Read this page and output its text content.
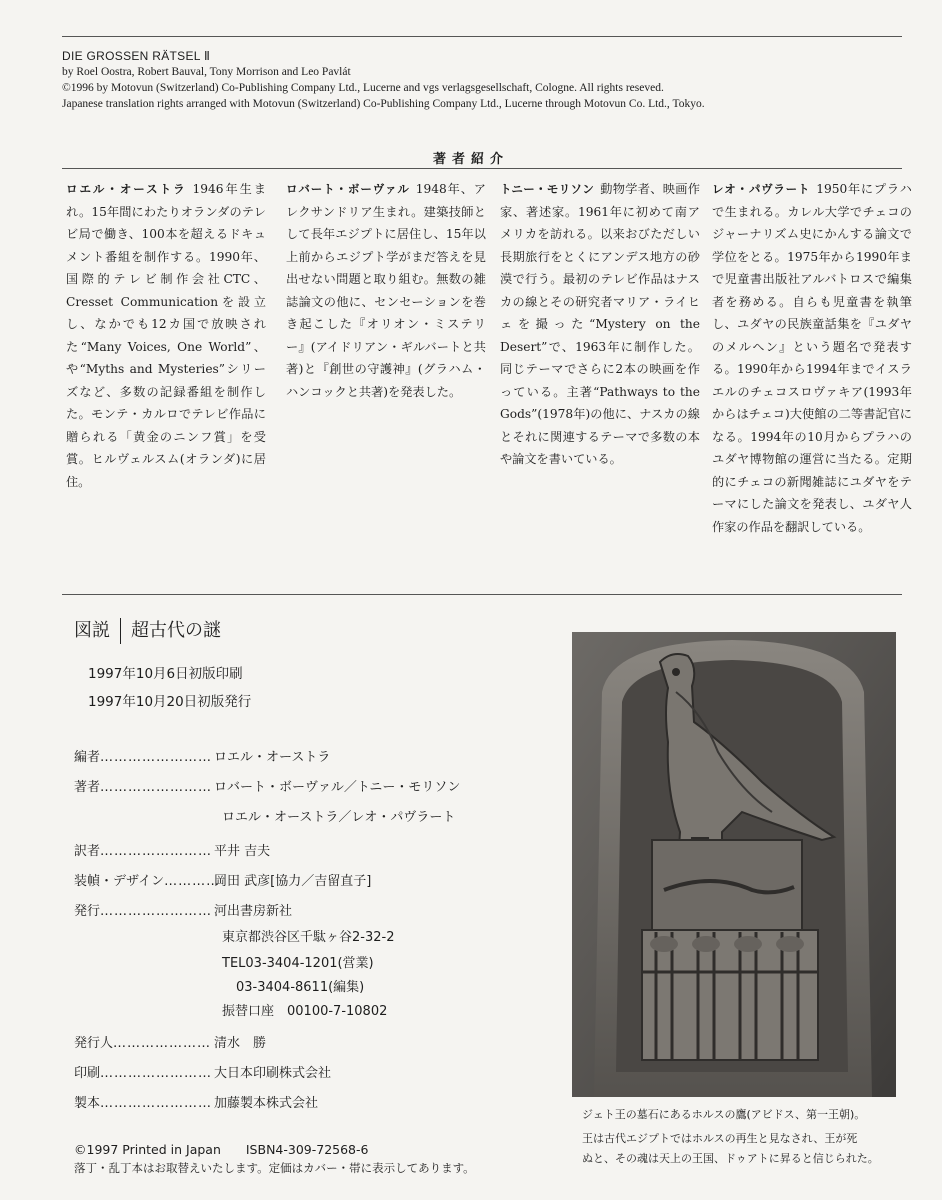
DIE GROSSEN RÄTSEL Ⅱ
by Roel Oostra, Robert Bauval, Tony Morrison and Leo Pavlát
©1996 by Motovun (Switzerland) Co-Publishing Company Ltd., Lucerne and vgs verlagsgesellschaft, Cologne. All rights reseved.
Japanese translation rights arranged with Motovun (Switzerland) Co-Publishing Company Ltd., Lucerne through Motovun Co. Ltd., Tokyo.
著者紹介
ロエル・オーストラ 1946年生まれ。15年間にわたりオランダのテレビ局で働き、100本を超えるドキュメント番組を制作する。1990年、国際的テレビ制作会社CTC、Cresset Communicationを設立し、なかでも12カ国で放映された“Many Voices, One World”、や“Myths and Mysteries”シリーズなど、多数の記録番組を制作した。モンテ・カルロでテレビ作品に贈られる「黄金のニンフ賞」を受賞。ヒルヴェルスム(オランダ)に居住。
ロバート・ボーヴァル 1948年、アレクサンドリア生まれ。建築技師として長年エジプトに居住し、15年以上前からエジプト学がまだ答えを見出せない問題と取り組む。無数の雑誌論文の他に、センセーションを巻き起こした『オリオン・ミステリー』(アイドリアン・ギルバートと共著)と『創世の守護神』(グラハム・ハンコックと共著)を発表した。
トニー・モリソン 動物学者、映画作家、著述家。1961年に初めて南アメリカを訪れる。以来おびただしい長期旅行をとくにアンデス地方の砂漠で行う。最初のテレビ作品はナスカの線とその研究者マリア・ライヒェを撮った“Mystery on the Desert”で、1963年に制作した。同じテーマでさらに2本の映画を作っている。主著“Pathways to the Gods”(1978年)の他に、ナスカの線とそれに関連するテーマで多数の本や論文を書いている。
レオ・パヴラート 1950年にプラハで生まれる。カレル大学でチェコのジャーナリズム史にかんする論文で学位をとる。1975年から1990年まで児童書出版社アルバトロスで編集者を務める。自らも児童書を執筆し、ユダヤの民族童話集を『ユダヤのメルヘン』という題名で発表する。1990年から1994年までイスラエルのチェコスロヴァキア(1993年からはチェコ)大使館の二等書記官になる。1994年の10月からプラハのユダヤ博物館の運営に当たる。定期的にチェコの新聞雑誌にユダヤをテーマにした論文を発表し、ユダヤ人作家の作品を翻訳している。
図説 超古代の謎
1997年10月6日初版印刷
1997年10月20日初版発行
編者…………………… ロエル・オーストラ
著者…………………… ロバート・ボーヴァル／トニー・モリソン
ロエル・オーストラ／レオ・パヴラート
訳者…………………… 平井 吉夫
装幀・デザイン…………岡田 武彦[協力／吉留直子]
発行…………………… 河出書房新社
東京都渋谷区千駄ヶ谷2-32-2
TEL03-3404-1201(営業)
03-3404-8611(編集)
振替口座　00100-7-10802
発行人………………… 清水　勝
印刷…………………… 大日本印刷株式会社
製本…………………… 加藤製本株式会社
©1997 Printed in Japan　　ISBN4-309-72568-6
落丁・乱丁本はお取替えいたします。定価はカバー・帯に表示してあります。
ジェト王の墓石にあるホルスの鷹(アビドス、第一王朝)。
王は古代エジプトではホルスの再生と見なされ、王が死
ぬと、その魂は天上の王国、ドゥアトに昇ると信じられた。
